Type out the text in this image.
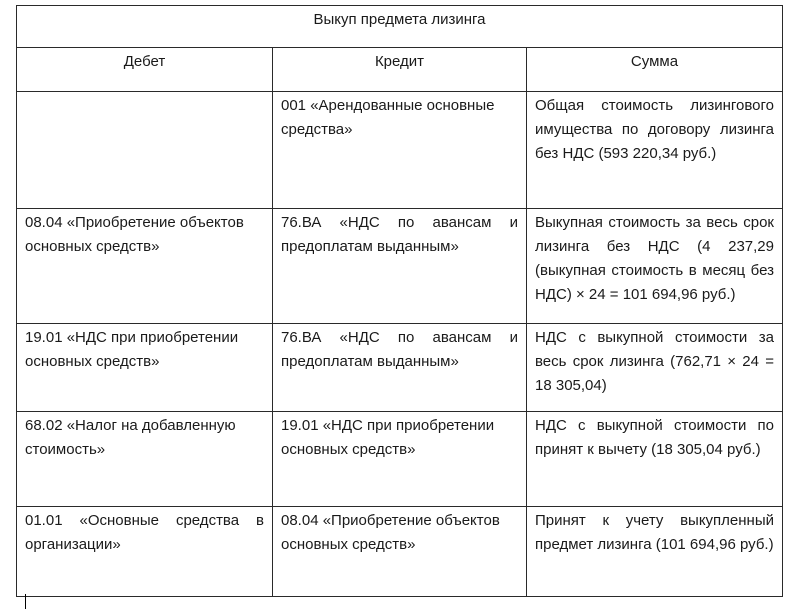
Выкуп предмета лизинга		
Дебет	Кредит	Сумма

	001 «Арендованные основные средства»	Общая стоимость лизингового имущества по договору лизинга без НДС (593 220,34 руб.)

08.04 «Приобретение объектов основных средств»	76.ВА «НДС по авансам и предоплатам выданным»	Выкупная стоимость за весь срок лизинга без НДС (4 237,29 (выкупная стоимость в месяц без НДС) × 24 = 101 694,96 руб.)

19.01 «НДС при приобретении основных средств»	76.ВА «НДС по авансам и предоплатам выданным»	НДС с выкупной стоимости за весь срок лизинга (762,71 × 24 = 18 305,04)

68.02 «Налог на добавленную стоимость»	19.01 «НДС при приобретении основных средств»	НДС с выкупной стоимости по принят к вычету (18 305,04 руб.)

01.01 «Основные средства в организации»	08.04 «Приобретение объектов основных средств»	Принят к учету выкупленный предмет лизинга (101 694,96 руб.)
